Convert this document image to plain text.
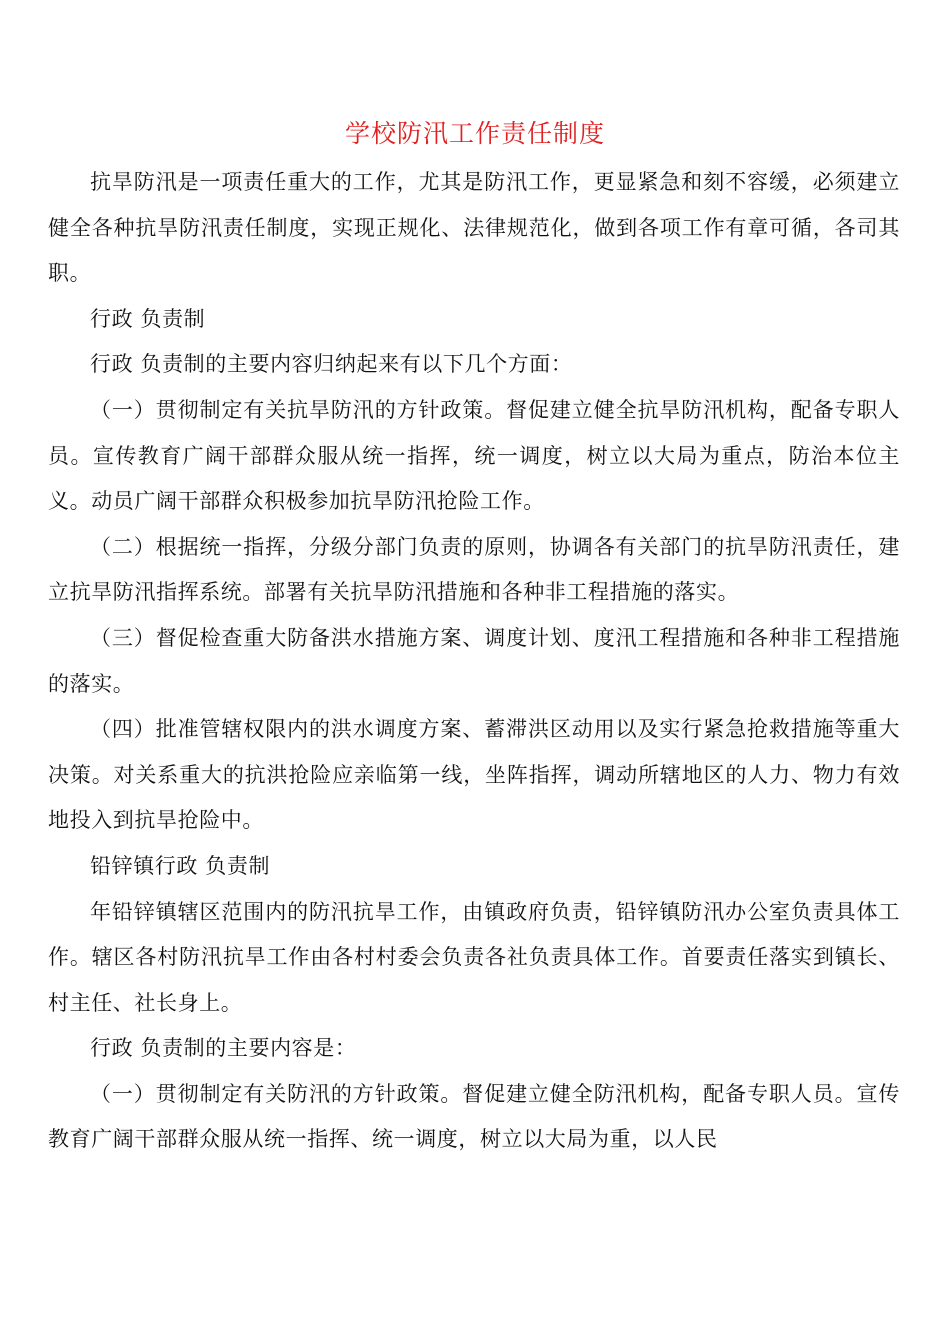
学校防汛工作责任制度

抗旱防汛是一项责任重大的工作，尤其是防汛工作，更显紧急和刻不容缓，必须建立健全各种抗旱防汛责任制度，实现正规化、法律规范化，做到各项工作有章可循，各司其职。

行政 负责制

行政 负责制的主要内容归纳起来有以下几个方面：

（一）贯彻制定有关抗旱防汛的方针政策。督促建立健全抗旱防汛机构，配备专职人员。宣传教育广阔干部群众服从统一指挥，统一调度，树立以大局为重点，防治本位主义。动员广阔干部群众积极参加抗旱防汛抢险工作。

（二）根据统一指挥，分级分部门负责的原则，协调各有关部门的抗旱防汛责任，建立抗旱防汛指挥系统。部署有关抗旱防汛措施和各种非工程措施的落实。

（三）督促检查重大防备洪水措施方案、调度计划、度汛工程措施和各种非工程措施的落实。

（四）批准管辖权限内的洪水调度方案、蓄滞洪区动用以及实行紧急抢救措施等重大决策。对关系重大的抗洪抢险应亲临第一线，坐阵指挥，调动所辖地区的人力、物力有效地投入到抗旱抢险中。

铅锌镇行政 负责制

年铅锌镇辖区范围内的防汛抗旱工作，由镇政府负责，铅锌镇防汛办公室负责具体工作。辖区各村防汛抗旱工作由各村村委会负责各社负责具体工作。首要责任落实到镇长、村主任、社长身上。

行政 负责制的主要内容是：

（一）贯彻制定有关防汛的方针政策。督促建立健全防汛机构，配备专职人员。宣传教育广阔干部群众服从统一指挥、统一调度，树立以大局为重，以人民
